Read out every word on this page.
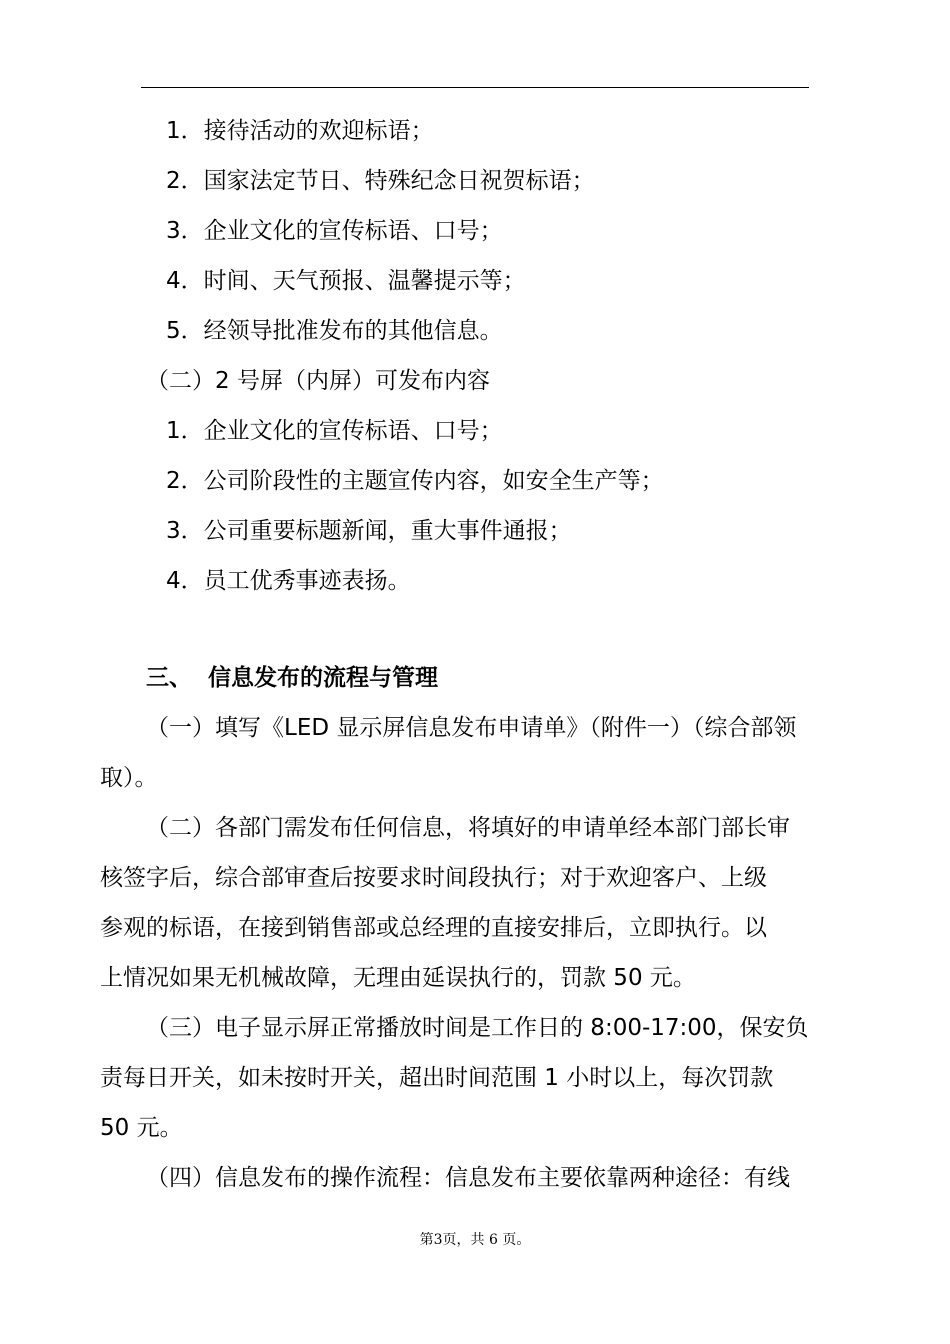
1．接待活动的欢迎标语；
2．国家法定节日、特殊纪念日祝贺标语；
3．企业文化的宣传标语、口号；
4．时间、天气预报、温馨提示等；
5．经领导批准发布的其他信息。
（二）2 号屏（内屏）可发布内容
1．企业文化的宣传标语、口号；
2．公司阶段性的主题宣传内容，如安全生产等；
3．公司重要标题新闻，重大事件通报；
4．员工优秀事迹表扬。
三、 信息发布的流程与管理
（一）填写《LED 显示屏信息发布申请单》（附件一）（综合部领
取）。
（二）各部门需发布任何信息，将填好的申请单经本部门部长审
核签字后，综合部审查后按要求时间段执行；对于欢迎客户、上级
参观的标语，在接到销售部或总经理的直接安排后，立即执行。以
上情况如果无机械故障，无理由延误执行的，罚款 50 元。
（三）电子显示屏正常播放时间是工作日的 8:00-17:00，保安负
责每日开关，如未按时开关，超出时间范围 1 小时以上，每次罚款
50 元。
（四）信息发布的操作流程：信息发布主要依靠两种途径：有线
第3页，共 6 页。
